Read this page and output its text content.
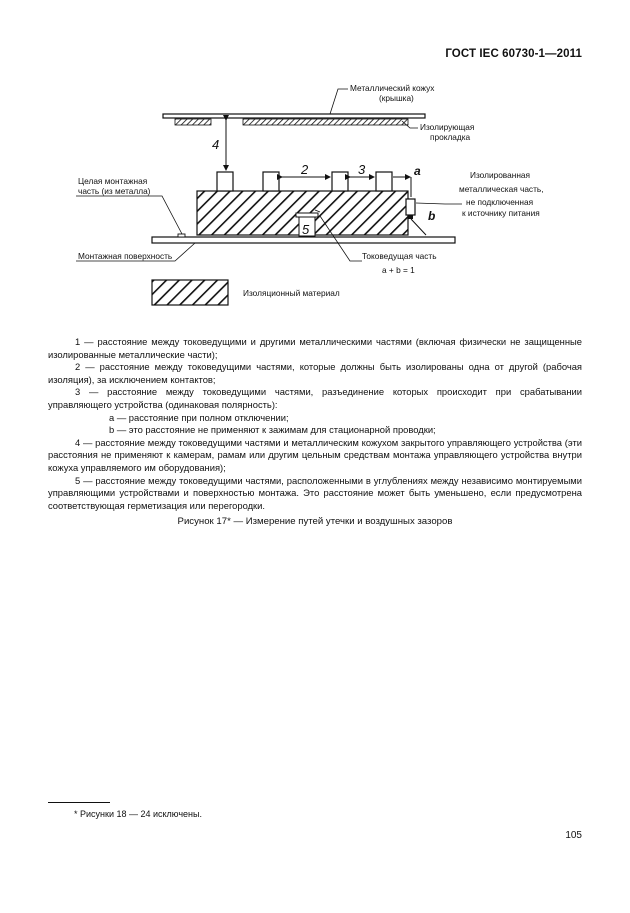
ГОСТ IEC 60730-1—2011
4
2	3	a
b
5
Металлический кожух
(крышка)
Изолирующая
прокладка
Целая монтажная
часть (из металла)
Изолированная
металлическая часть,
не подключенная
к источнику питания
Монтажная поверхность	Токоведущая часть
a + b = 1
Изоляционный материал

1 — расстояние между токоведущими и другими металлическими частями (включая физически не защищенные изолированные металлические части);

2 — расстояние между токоведущими частями, которые должны быть изолированы одна от другой (рабочая изоляция), за исключением контактов;

3 — расстояние между токоведущими частями, разъединение которых происходит при срабатывании управляющего устройства (одинаковая полярность):

a — расстояние при полном отключении;

b — это расстояние не применяют к зажимам для стационарной проводки;

4 — расстояние между токоведущими частями и металлическим кожухом закрытого управляющего устройства (эти расстояния не применяют к камерам, рамам или другим цельным средствам монтажа управляющего устройства внутри кожуха управляемого им оборудования);

5 — расстояние между токоведущими частями, расположенными в углублениях между независимо монтируемыми управляющими устройствами и поверхностью монтажа. Это расстояние может быть уменьшено, если предусмотрена соответствующая герметизация или перегородки.

Рисунок 17* — Измерение путей утечки и воздушных зазоров
* Рисунки 18 — 24 исключены.
105
